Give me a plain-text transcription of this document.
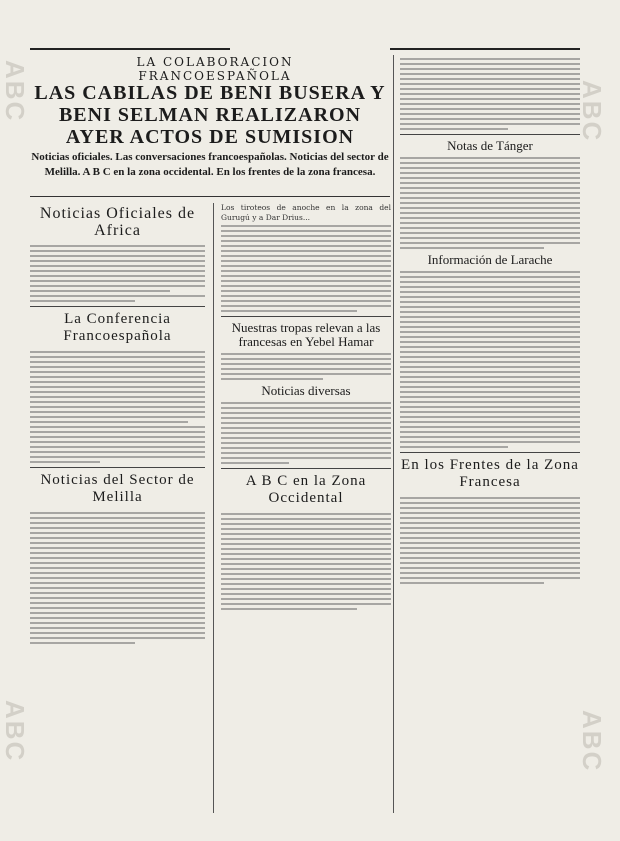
LA COLABORACION FRANCOESPAÑOLA
LAS CABILAS DE BENI BUSERA Y BENI SELMAN REALIZARON AYER ACTOS DE SUMISION
Noticias oficiales. Las conversaciones francoespañolas. Noticias del sector de Melilla. A B C en la zona occidental. En los frentes de la zona francesa.
Noticias Oficiales de Africa
La Conferencia Francoespañola
Noticias del Sector de Melilla

Los tiroteos de anoche en la zona del Gurugú y a Dar Drius...

Nuestras tropas relevan a las francesas en Yebel Hamar
Noticias diversas
A B C en la Zona Occidental
Notas de Tánger
Información de Larache
En los Frentes de la Zona Francesa
ABC
ABC
ABC
ABC
